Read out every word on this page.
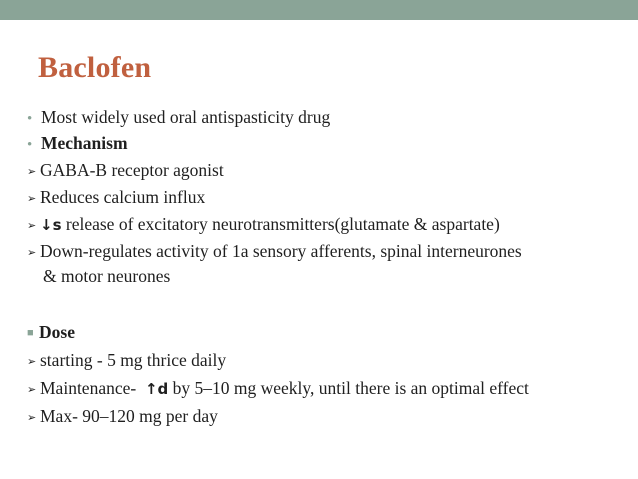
Baclofen
• Most widely used oral antispasticity drug
• Mechanism
➢ GABA-B receptor agonist
➢ Reduces calcium influx
➢ ↓s release of excitatory neurotransmitters(glutamate & aspartate)
➢ Down-regulates activity of 1a sensory afferents, spinal interneurones
& motor neurones
■ Dose
➢ starting - 5 mg thrice daily
➢ Maintenance-  ↑d by 5–10 mg weekly, until there is an optimal effect
➢ Max- 90–120 mg per day
